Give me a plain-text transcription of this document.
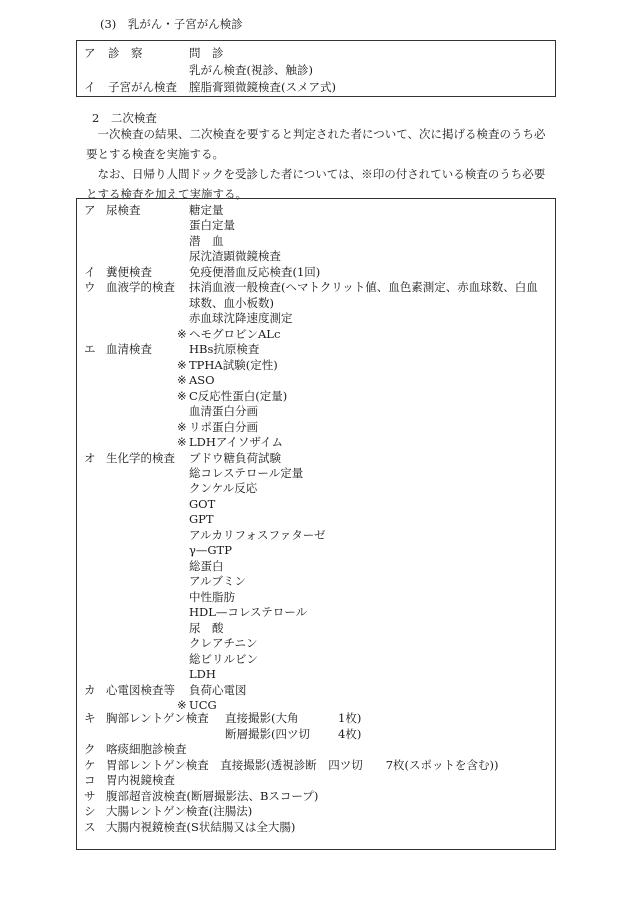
(3)　乳がん・子宮がん検診
ア 診　察	問　診
乳がん検査(視診、触診)
イ 子宮がん検査 膣脂膏頸微鏡検査(スメア式)
2　二次検査

一次検査の結果、二次検査を要すると判定された者について、次に掲げる検査のうち必要とする検査を実施する。

なお、日帰り人間ドックを受診した者については、※印の付されている検査のうち必要とする検査を加えて実施する。

ア 尿検査	糖定量
蛋白定量
潜　血
尿沈渣顕微鏡検査
イ 糞便検査	免疫便潜血反応検査(1回)
ウ 血液学的検査 抹消血液一般検査(ヘマトクリット値、血色素測定、赤血球数、白血
球数、血小板数)
赤血球沈降速度測定
※ ヘモグロビンALc
エ 血清検査	HBs抗原検査
※ TPHA試験(定性)
※ ASO
※ C反応性蛋白(定量)
血清蛋白分画
※ リポ蛋白分画
※ LDHアイソザイム
オ 生化学的検査 ブドウ糖負荷試験
総コレステロール定量
クンケル反応
GOT
GPT
アルカリフォスファターゼ
γ—GTP
総蛋白
アルブミン
中性脂肪
HDL—コレステロール
尿　酸
クレアチニン
総ビリルビン
LDH
カ 心電図検査等 負荷心電図
※ UCG
キ 胸部レントゲン検査 直接撮影(大角	1枚)
断層撮影(四ツ切 4枚)
ク 喀痰細胞診検査
ケ 胃部レントゲン検査　直接撮影(透視診断　四ツ切　　7枚(スポットを含む))
コ 胃内視鏡検査
サ 腹部超音波検査(断層撮影法、Bスコープ)
シ 大腸レントゲン検査(注腸法)
ス 大腸内視鏡検査(S状結腸又は全大腸)
